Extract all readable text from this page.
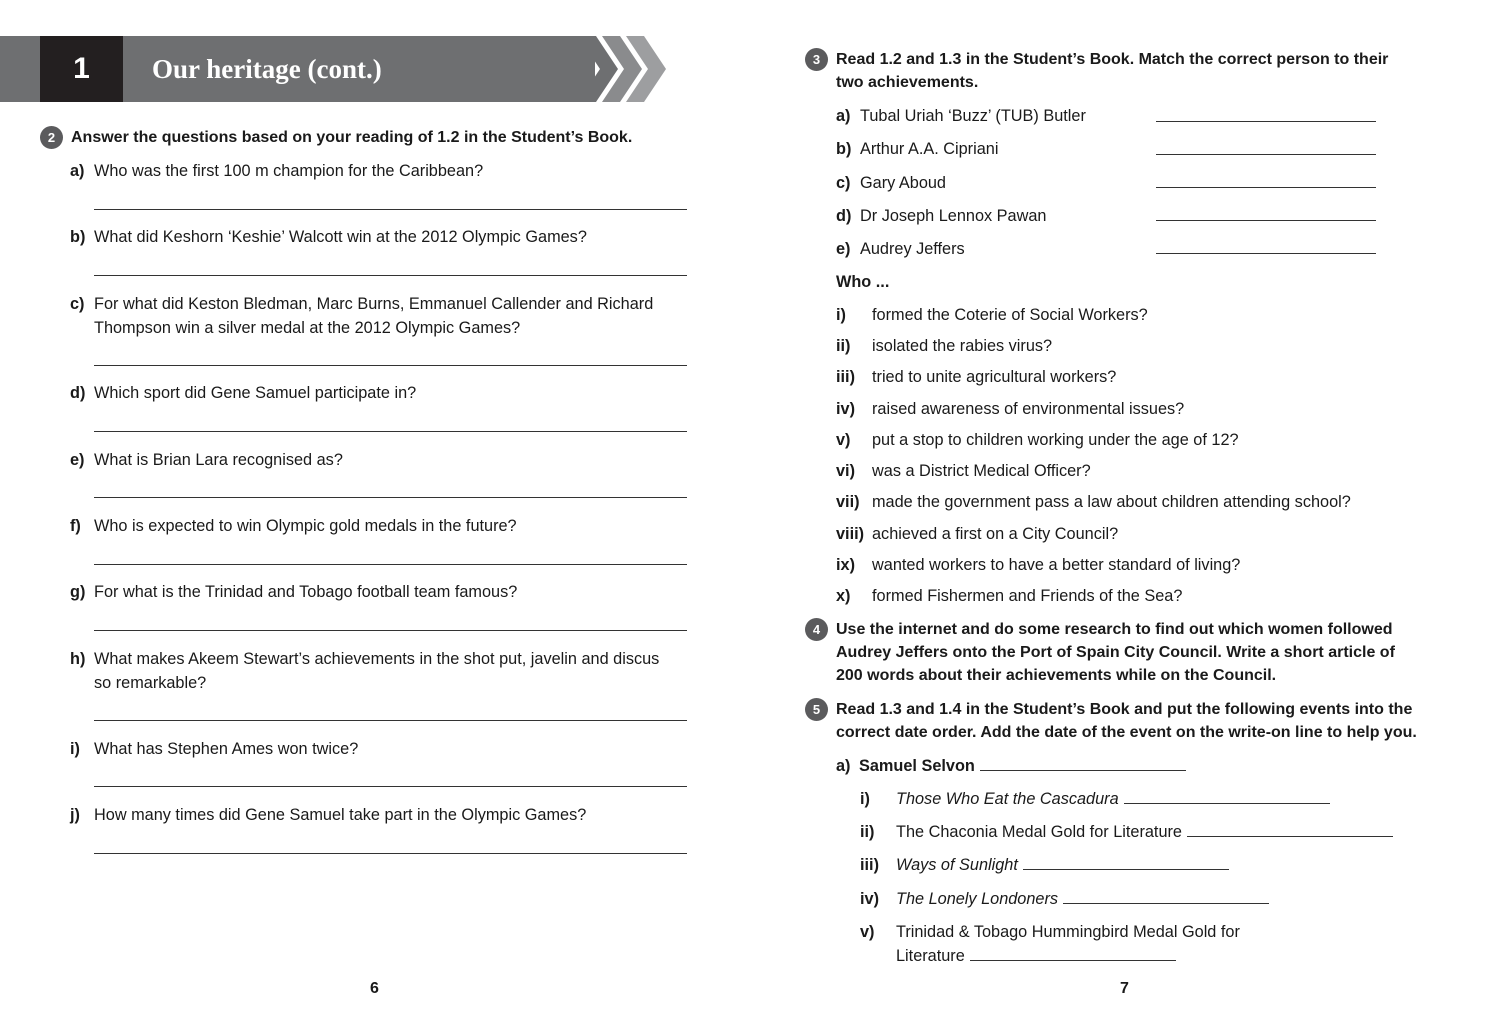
1	Our heritage (cont.)
2 Answer the questions based on your reading of 1.2 in the Student’s Book.
a) Who was the first 100 m champion for the Caribbean?
b) What did Keshorn ‘Keshie’ Walcott win at the 2012 Olympic Games?
c) For what did Keston Bledman, Marc Burns, Emmanuel Callender and Richard
Thompson win a silver medal at the 2012 Olympic Games?
d) Which sport did Gene Samuel participate in?
e) What is Brian Lara recognised as?
f) Who is expected to win Olympic gold medals in the future?
g) For what is the Trinidad and Tobago football team famous?
h) What makes Akeem Stewart’s achievements in the shot put, javelin and discus
so remarkable?
i) What has Stephen Ames won twice?
j) How many times did Gene Samuel take part in the Olympic Games?
6
3 Read 1.2 and 1.3 in the Student’s Book. Match the correct person to their
two achievements.
a) Tubal Uriah ‘Buzz’ (TUB) Butler
b) Arthur A.A. Cipriani
c) Gary Aboud
d) Dr Joseph Lennox Pawan
e) Audrey Jeffers
Who ...
i) formed the Coterie of Social Workers?
ii) isolated the rabies virus?
iii) tried to unite agricultural workers?
iv) raised awareness of environmental issues?
v) put a stop to children working under the age of 12?
vi) was a District Medical Officer?
vii) made the government pass a law about children attending school?
viii) achieved a first on a City Council?
ix) wanted workers to have a better standard of living?
x) formed Fishermen and Friends of the Sea?
4 Use the internet and do some research to find out which women followed
Audrey Jeffers onto the Port of Spain City Council. Write a short article of
200 words about their achievements while on the Council.
5 Read 1.3 and 1.4 in the Student’s Book and put the following events into the
correct date order. Add the date of the event on the write-on line to help you.
a) Samuel Selvon
i) Those Who Eat the Cascadura
ii) The Chaconia Medal Gold for Literature
iii) Ways of Sunlight
iv) The Lonely Londoners
v) Trinidad & Tobago Hummingbird Medal Gold for
Literature
7
